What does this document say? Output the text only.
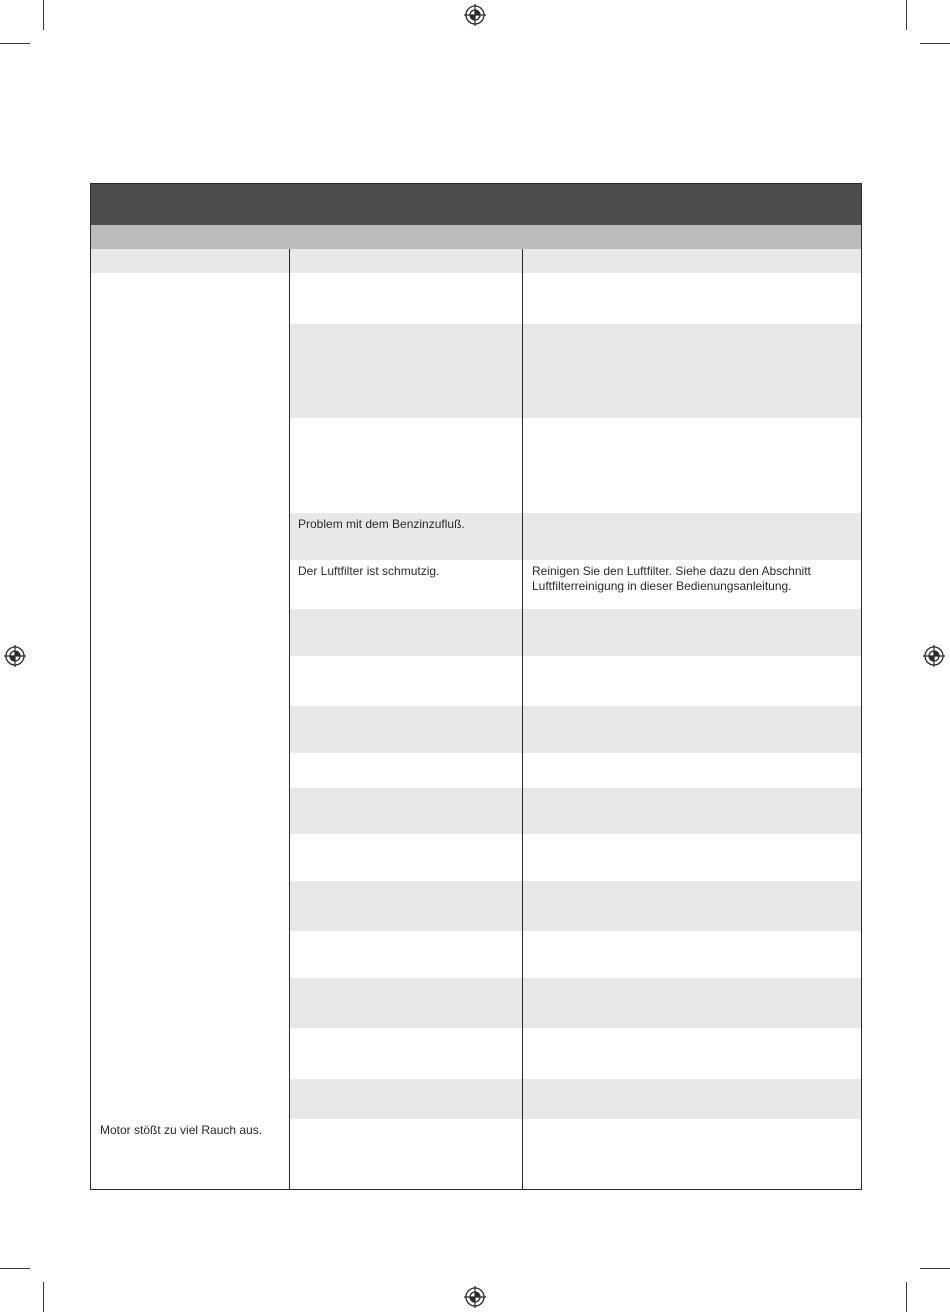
Problem mit dem Benzinzufluß.
Der Luftfilter ist schmutzig.	Reinigen Sie den Luftfilter. Siehe dazu den Abschnitt
Luftfilterreinigung in dieser Bedienungsanleitung.
Motor stößt zu viel Rauch aus.
